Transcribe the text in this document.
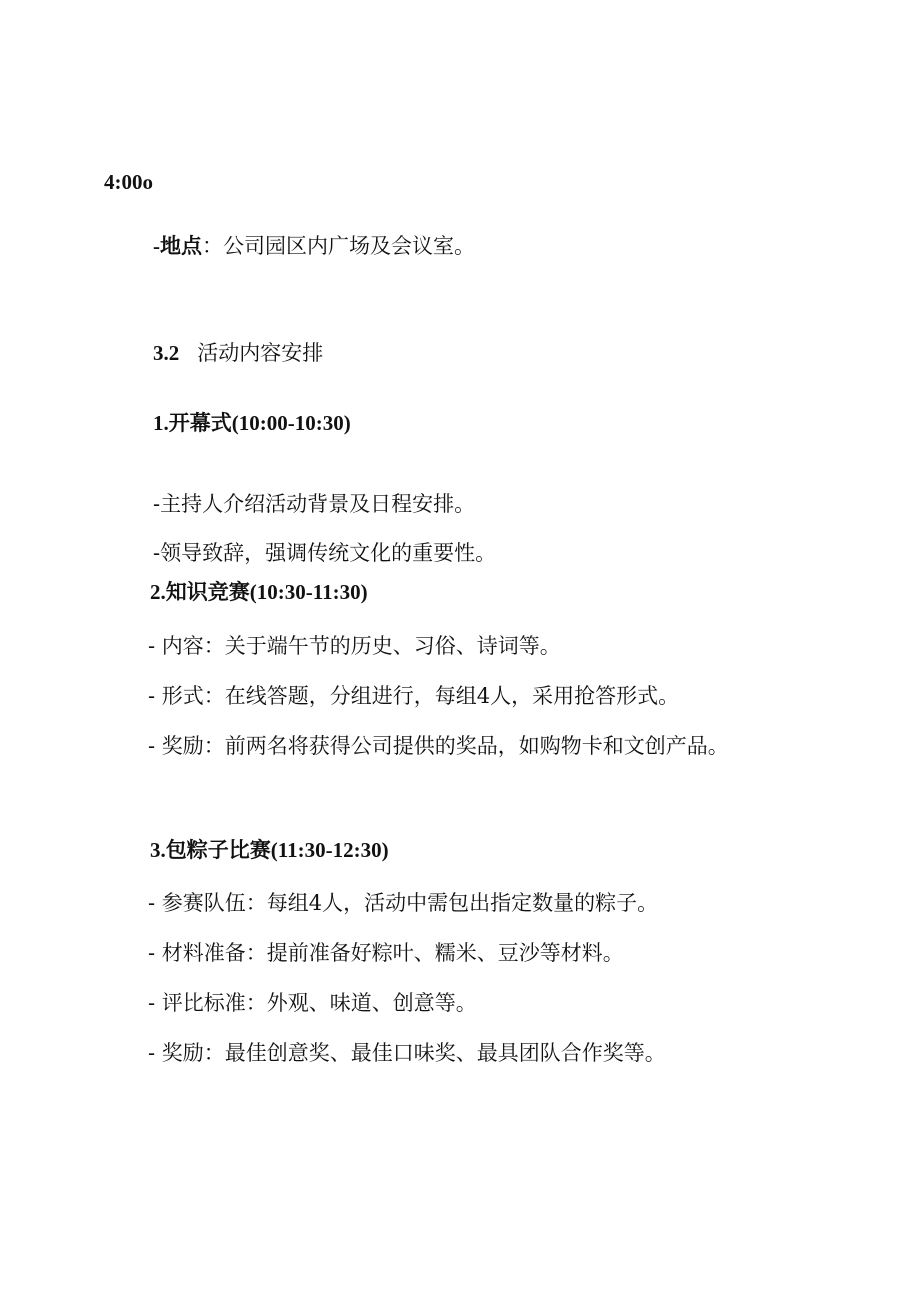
4:00o
-地点：公司园区内广场及会议室。
3.2 活动内容安排
1.开幕式(10:00-10:30)
-主持人介绍活动背景及日程安排。
-领导致辞，强调传统文化的重要性。
2.知识竞赛(10:30-11:30)
- 内容：关于端午节的历史、习俗、诗词等。
- 形式：在线答题，分组进行，每组4人，采用抢答形式。
- 奖励：前两名将获得公司提供的奖品，如购物卡和文创产品。
3.包粽子比赛(11:30-12:30)
- 参赛队伍：每组4人，活动中需包出指定数量的粽子。
- 材料准备：提前准备好粽叶、糯米、豆沙等材料。
- 评比标准：外观、味道、创意等。
- 奖励：最佳创意奖、最佳口味奖、最具团队合作奖等。
